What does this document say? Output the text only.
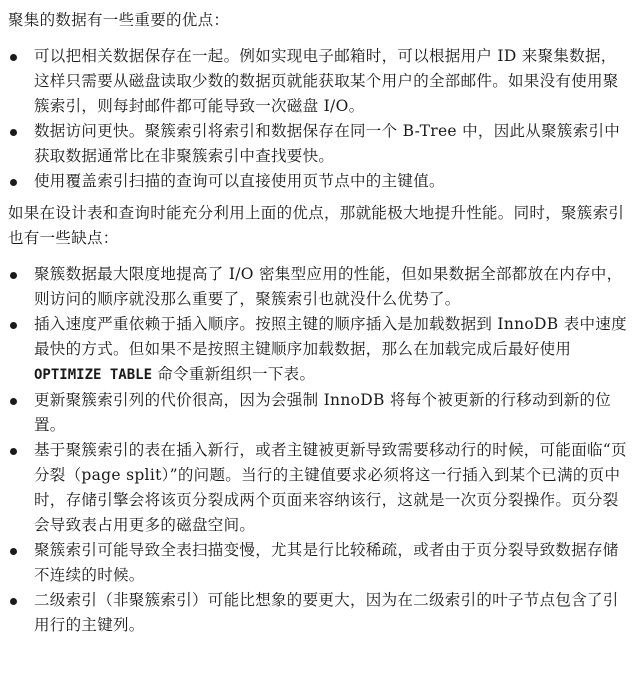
聚集的数据有一些重要的优点：

可以把相关数据保存在一起。例如实现电子邮箱时，可以根据用户 ID 来聚集数据，这样只需要从磁盘读取少数的数据页就能获取某个用户的全部邮件。如果没有使用聚簇索引，则每封邮件都可能导致一次磁盘 I/O。
数据访问更快。聚簇索引将索引和数据保存在同一个 B-Tree 中，因此从聚簇索引中获取数据通常比在非聚簇索引中查找要快。
使用覆盖索引扫描的查询可以直接使用页节点中的主键值。

如果在设计表和查询时能充分利用上面的优点，那就能极大地提升性能。同时，聚簇索引也有一些缺点：

聚簇数据最大限度地提高了 I/O 密集型应用的性能，但如果数据全部都放在内存中，则访问的顺序就没那么重要了，聚簇索引也就没什么优势了。
插入速度严重依赖于插入顺序。按照主键的顺序插入是加载数据到 InnoDB 表中速度最快的方式。但如果不是按照主键顺序加载数据，那么在加载完成后最好使用 OPTIMIZE TABLE 命令重新组织一下表。
更新聚簇索引列的代价很高，因为会强制 InnoDB 将每个被更新的行移动到新的位置。
基于聚簇索引的表在插入新行，或者主键被更新导致需要移动行的时候，可能面临“页分裂（page split）”的问题。当行的主键值要求必须将这一行插入到某个已满的页中时，存储引擎会将该页分裂成两个页面来容纳该行，这就是一次页分裂操作。页分裂会导致表占用更多的磁盘空间。
聚簇索引可能导致全表扫描变慢，尤其是行比较稀疏，或者由于页分裂导致数据存储不连续的时候。
二级索引（非聚簇索引）可能比想象的要更大，因为在二级索引的叶子节点包含了引用行的主键列。
